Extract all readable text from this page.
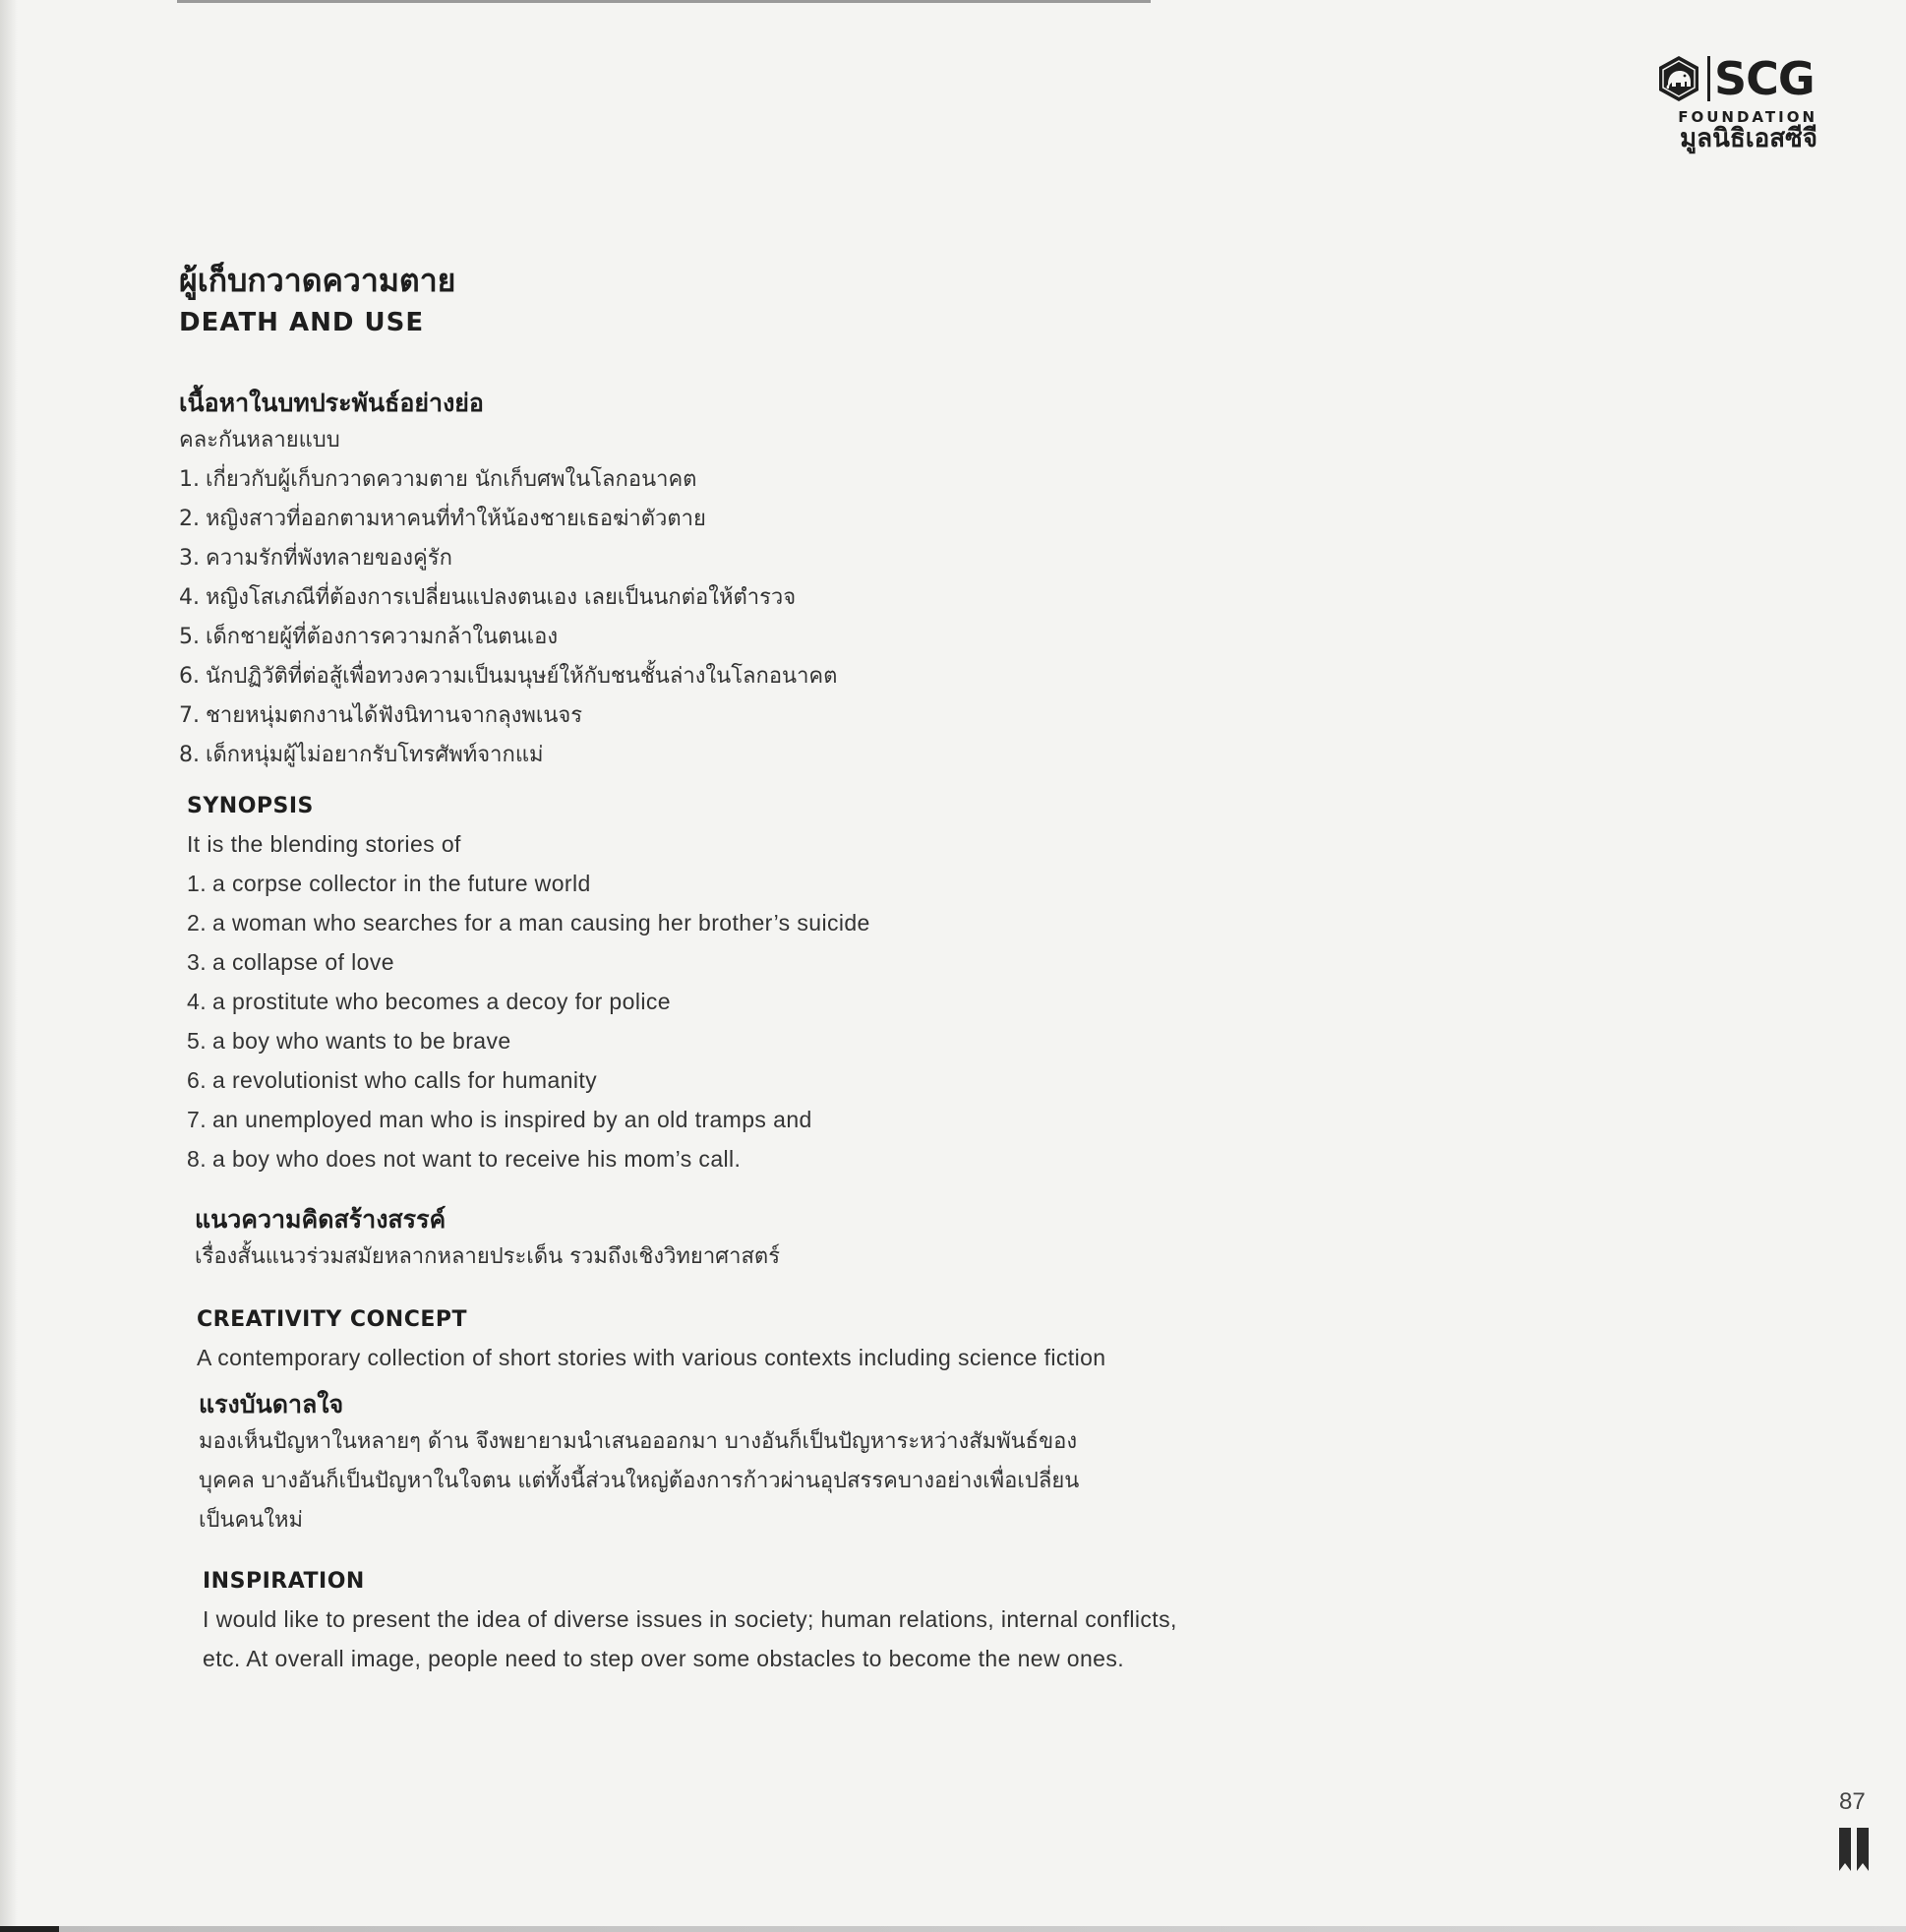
SCG
FOUNDATION
มูลนิธิเอสซีจี
ผู้เก็บกวาดความตาย
DEATH AND USE
เนื้อหาในบทประพันธ์อย่างย่อ

คละกันหลายแบบ

1. เกี่ยวกับผู้เก็บกวาดความตาย นักเก็บศพในโลกอนาคต
2. หญิงสาวที่ออกตามหาคนที่ทำให้น้องชายเธอฆ่าตัวตาย
3. ความรักที่พังทลายของคู่รัก
4. หญิงโสเภณีที่ต้องการเปลี่ยนแปลงตนเอง เลยเป็นนกต่อให้ตำรวจ
5. เด็กชายผู้ที่ต้องการความกล้าในตนเอง
6. นักปฏิวัติที่ต่อสู้เพื่อทวงความเป็นมนุษย์ให้กับชนชั้นล่างในโลกอนาคต
7. ชายหนุ่มตกงานได้ฟังนิทานจากลุงพเนจร
8. เด็กหนุ่มผู้ไม่อยากรับโทรศัพท์จากแม่
SYNOPSIS

It is the blending stories of

1. a corpse collector in the future world
2. a woman who searches for a man causing her brother’s suicide
3. a collapse of love
4. a prostitute who becomes a decoy for police
5. a boy who wants to be brave
6. a revolutionist who calls for humanity
7. an unemployed man who is inspired by an old tramps and
8. a boy who does not want to receive his mom’s call.
แนวความคิดสร้างสรรค์

เรื่องสั้นแนวร่วมสมัยหลากหลายประเด็น รวมถึงเชิงวิทยาศาสตร์

CREATIVITY CONCEPT

A contemporary collection of short stories with various contexts including science fiction

แรงบันดาลใจ

มองเห็นปัญหาในหลายๆ ด้าน จึงพยายามนำเสนอออกมา บางอันก็เป็นปัญหาระหว่างสัมพันธ์ของ

บุคคล บางอันก็เป็นปัญหาในใจตน แต่ทั้งนี้ส่วนใหญ่ต้องการก้าวผ่านอุปสรรคบางอย่างเพื่อเปลี่ยน

เป็นคนใหม่

INSPIRATION

I would like to present the idea of diverse issues in society; human relations, internal conflicts,

etc. At overall image, people need to step over some obstacles to become the new ones.

87
